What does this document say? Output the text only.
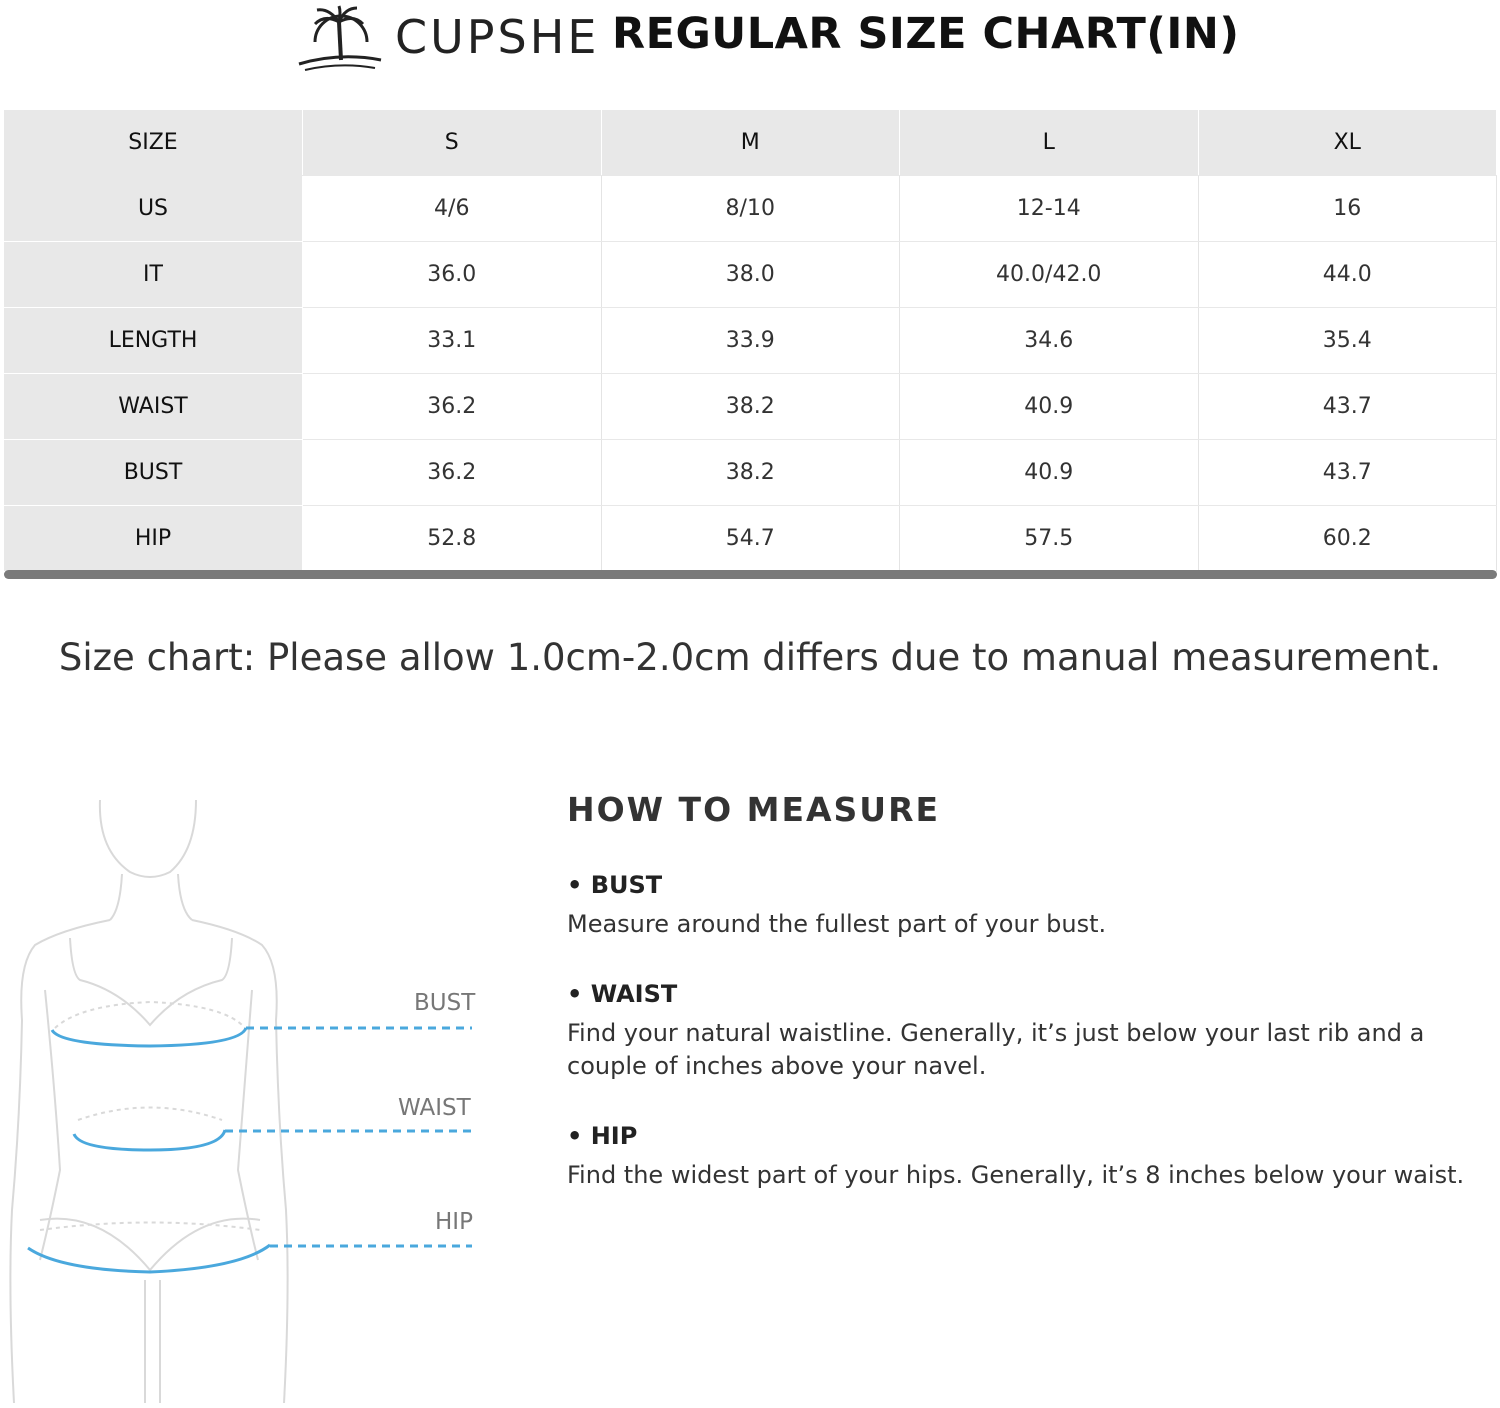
CUPSHE REGULAR SIZE CHART(IN)
SIZE	S	M	L	XL
US	4/6	8/10	12-14	16
IT	36.0	38.0	40.0/42.0	44.0
LENGTH	33.1	33.9	34.6	35.4
WAIST	36.2	38.2	40.9	43.7
BUST	36.2	38.2	40.9	43.7
HIP	52.8	54.7	57.5	60.2
Size chart: Please allow 1.0cm-2.0cm differs due to manual measurement.
BUST
WAIST
HIP
HOW TO MEASURE
• BUST
Measure around the fullest part of your bust.
• WAIST
Find your natural waistline. Generally, it’s just below your last rib and a couple of inches above your navel.
• HIP
Find the widest part of your hips. Generally, it’s 8 inches below your waist.
